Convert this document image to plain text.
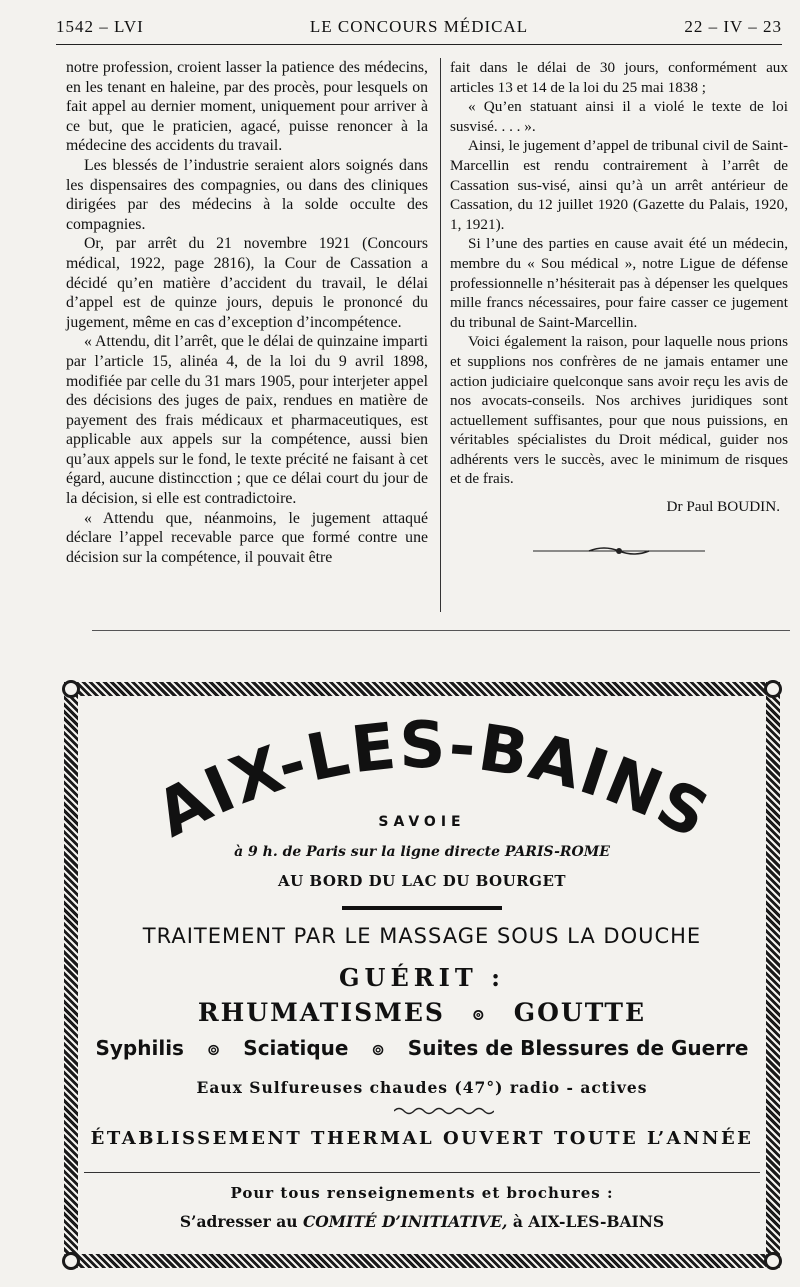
1542 – LVI	LE CONCOURS MÉDICAL	22 – IV – 23

notre profession, croient lasser la patience des médecins, en les tenant en haleine, par des procès, pour lesquels on fait appel au dernier moment, uniquement pour arriver à ce but, que le praticien, agacé, puisse renoncer à la médecine des accidents du travail.

Les blessés de l’industrie seraient alors soignés dans les dispensaires des compagnies, ou dans des cliniques dirigées par des médecins à la solde occulte des compagnies.

Or, par arrêt du 21 novembre 1921 (Concours médical, 1922, page 2816), la Cour de Cassation a décidé qu’en matière d’accident du travail, le délai d’appel est de quinze jours, depuis le prononcé du jugement, même en cas d’exception d’incompétence.

« Attendu, dit l’arrêt, que le délai de quinzaine imparti par l’article 15, alinéa 4, de la loi du 9 avril 1898, modifiée par celle du 31 mars 1905, pour interjeter appel des décisions des juges de paix, rendues en matière de payement des frais médicaux et pharmaceutiques, est applicable aux appels sur la compétence, aussi bien qu’aux appels sur le fond, le texte précité ne faisant à cet égard, aucune distincction ; que ce délai court du jour de la décision, si elle est contradictoire.

« Attendu que, néanmoins, le jugement attaqué déclare l’appel recevable parce que formé contre une décision sur la compétence, il pouvait être

fait dans le délai de 30 jours, conformément aux articles 13 et 14 de la loi du 25 mai 1838 ;

« Qu’en statuant ainsi il a violé le texte de loi susvisé. . . . ».

Ainsi, le jugement d’appel de tribunal civil de Saint-Marcellin est rendu contrairement à l’arrêt de Cassation sus-visé, ainsi qu’à un arrêt antérieur de Cassation, du 12 juillet 1920 (Gazette du Palais, 1920, 1, 1921).

Si l’une des parties en cause avait été un médecin, membre du « Sou médical », notre Ligue de défense professionnelle n’hésiterait pas à dépenser les quelques mille francs nécessaires, pour faire casser ce jugement du tribunal de Saint-Marcellin.

Voici également la raison, pour laquelle nous prions et supplions nos confrères de ne jamais entamer une action judiciaire quelconque sans avoir reçu les avis de nos avocats-conseils. Nos archives juridiques sont actuellement suffisantes, pour que nous puissions, en véritables spécialistes du Droit médical, guider nos adhérents vers le succès, avec le minimum de risques et de frais.

Dr Paul BOUDIN.

AIX-LES-BAINS
SAVOIE
à 9 h. de Paris sur la ligne directe PARIS-ROME
AU BORD DU LAC DU BOURGET
TRAITEMENT PAR LE MASSAGE SOUS LA DOUCHE
GUÉRIT :
RHUMATISMES ⊚ GOUTTE
Syphilis ⊚ Sciatique ⊚ Suites de Blessures de Guerre
Eaux Sulfureuses chaudes (47°) radio - actives
ÉTABLISSEMENT THERMAL OUVERT TOUTE L’ANNÉE
Pour tous renseignements et brochures :
S’adresser au COMITÉ D’INITIATIVE, à AIX-LES-BAINS
